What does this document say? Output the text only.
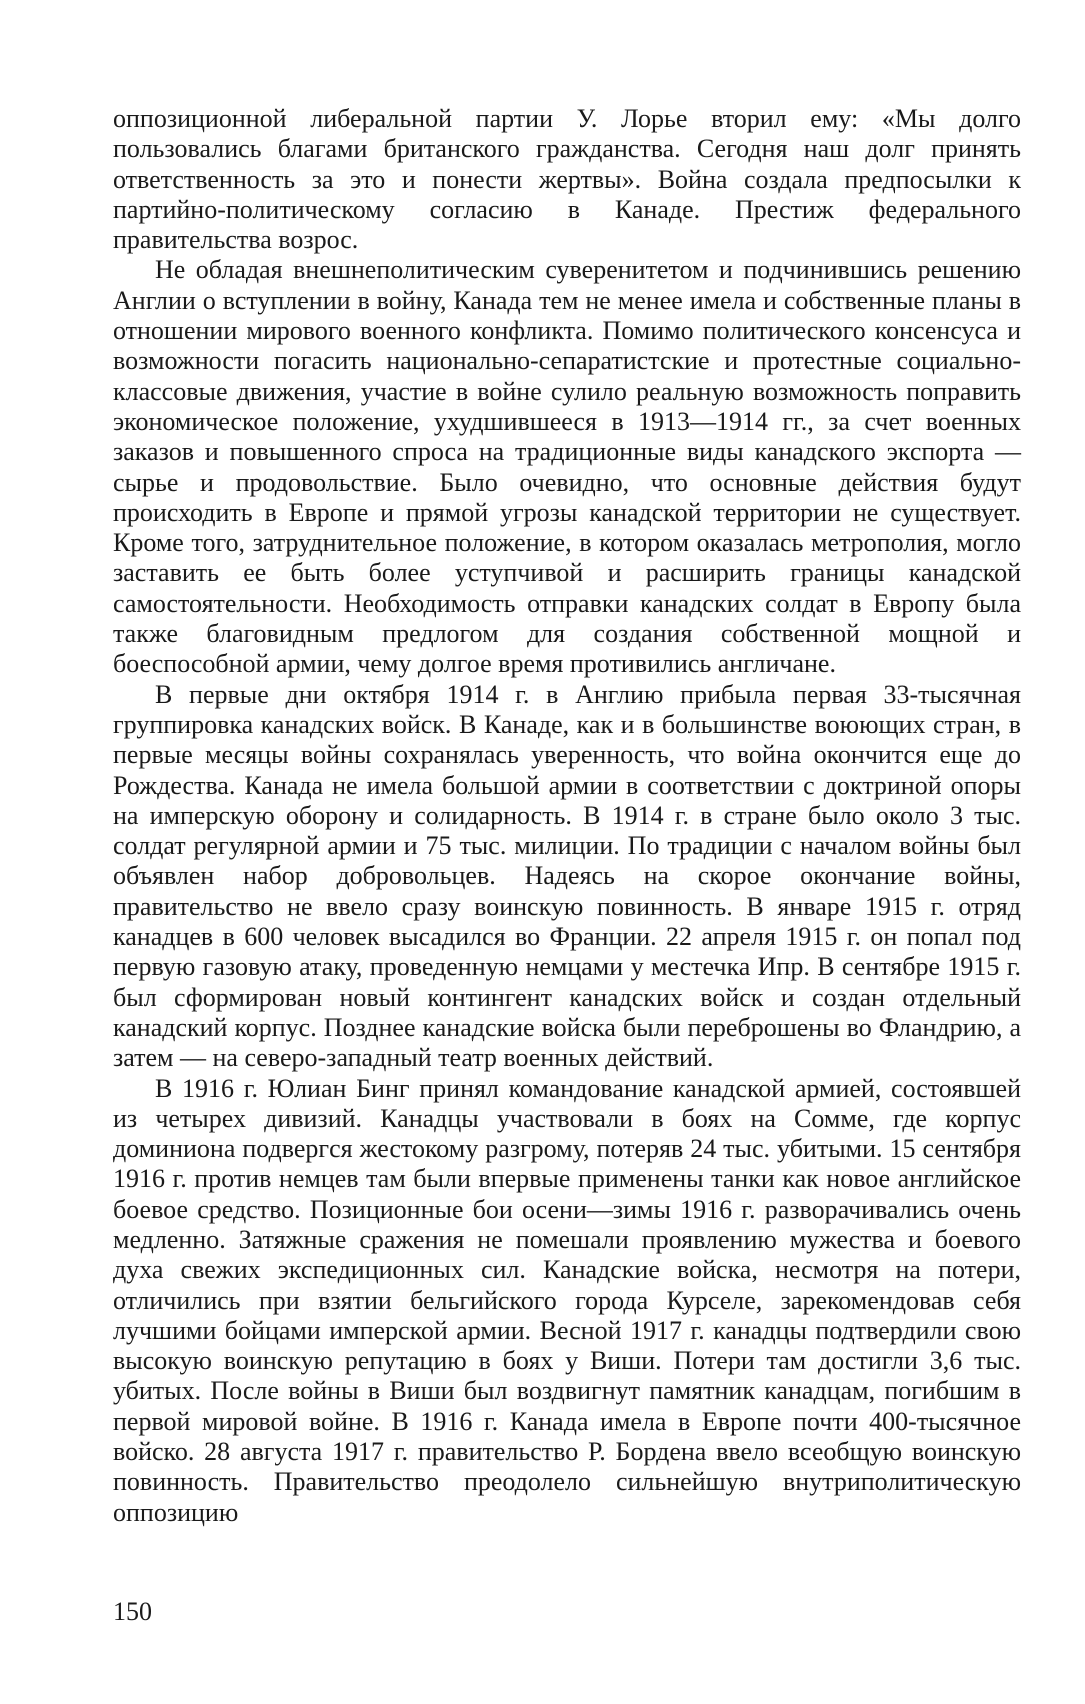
оппозиционной либеральной партии У. Лорье вторил ему: «Мы долго пользовались благами британского гражданства. Сегодня наш долг принять ответственность за это и понести жертвы». Война создала предпосылки к партийно-политическому согласию в Канаде. Престиж федерального правительства возрос.

Не обладая внешнеполитическим суверенитетом и подчинившись решению Англии о вступлении в войну, Канада тем не менее имела и собственные планы в отношении мирового военного конфликта. Помимо политического консенсуса и возможности погасить национально-сепаратистские и протестные социально-классовые движения, участие в войне сулило реальную возможность поправить экономическое положение, ухудшившееся в 1913—1914 гг., за счет военных заказов и повышенного спроса на традиционные виды канадского экспорта — сырье и продовольствие. Было очевидно, что основные действия будут происходить в Европе и прямой угрозы канадской территории не существует. Кроме того, затруднительное положение, в котором оказалась метрополия, могло заставить ее быть более уступчивой и расширить границы канадской самостоятельности. Необходимость отправки канадских солдат в Европу была также благовидным предлогом для создания собственной мощной и боеспособной армии, чему долгое время противились англичане.

В первые дни октября 1914 г. в Англию прибыла первая 33-тысячная группировка канадских войск. В Канаде, как и в большинстве воюющих стран, в первые месяцы войны сохранялась уверенность, что война окончится еще до Рождества. Канада не имела большой армии в соответствии с доктриной опоры на имперскую оборону и солидарность. В 1914 г. в стране было около 3 тыс. солдат регулярной армии и 75 тыс. милиции. По традиции с началом войны был объявлен набор добровольцев. Надеясь на скорое окончание войны, правительство не ввело сразу воинскую повинность. В январе 1915 г. отряд канадцев в 600 человек высадился во Франции. 22 апреля 1915 г. он попал под первую газовую атаку, проведенную немцами у местечка Ипр. В сентябре 1915 г. был сформирован новый контингент канадских войск и создан отдельный канадский корпус. Позднее канадские войска были переброшены во Фландрию, а затем — на северо-западный театр военных действий.

В 1916 г. Юлиан Бинг принял командование канадской армией, состоявшей из четырех дивизий. Канадцы участвовали в боях на Сомме, где корпус доминиона подвергся жестокому разгрому, потеряв 24 тыс. убитыми. 15 сентября 1916 г. против немцев там были впервые применены танки как новое английское боевое средство. Позиционные бои осени—зимы 1916 г. разворачивались очень медленно. Затяжные сражения не помешали проявлению мужества и боевого духа свежих экспедиционных сил. Канадские войска, несмотря на потери, отличились при взятии бельгийского города Курселе, зарекомендовав себя лучшими бойцами имперской армии. Весной 1917 г. канадцы подтвердили свою высокую воинскую репутацию в боях у Виши. Потери там достигли 3,6 тыс. убитых. После войны в Виши был воздвигнут памятник канадцам, погибшим в первой мировой войне. В 1916 г. Канада имела в Европе почти 400-тысячное войско. 28 августа 1917 г. правительство Р. Бордена ввело всеобщую воинскую повинность. Правительство преодолело сильнейшую внутриполитическую оппозицию

150
